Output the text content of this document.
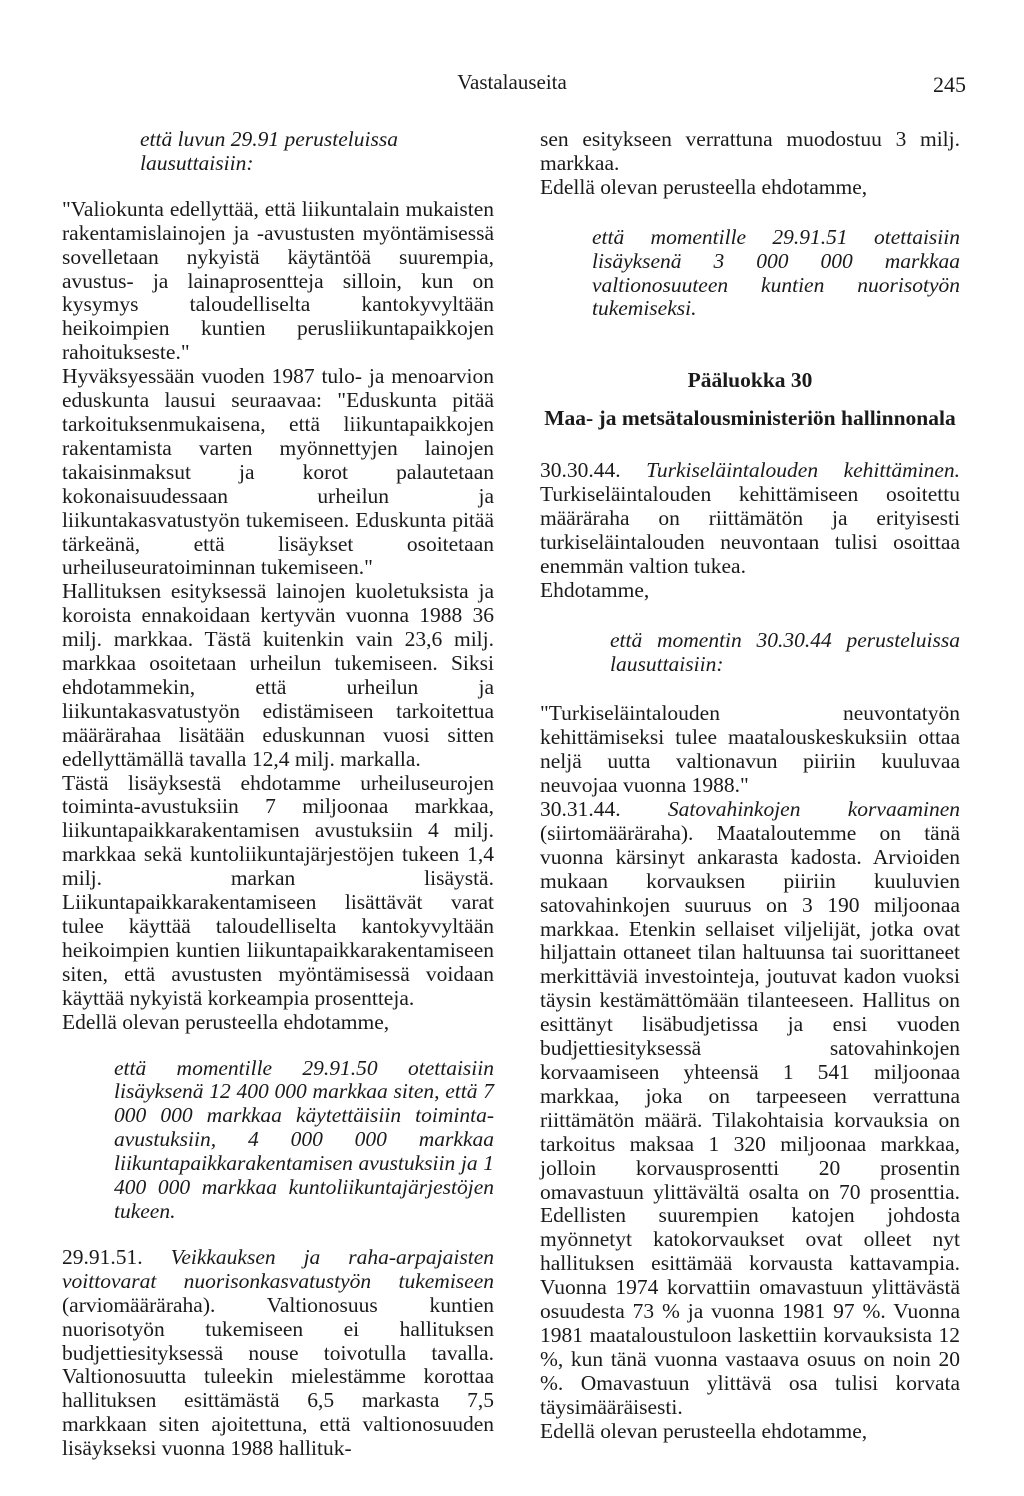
Vastalauseita	245

että luvun 29.91 perusteluissa lausuttaisiin:

"Valiokunta edellyttää, että liikuntalain mukaisten rakentamislainojen ja -avustusten myöntämisessä sovelletaan nykyistä käytäntöä suurempia, avustus- ja lainaprosentteja silloin, kun on kysymys taloudelliselta kantokyvyltään heikoimpien kuntien perusliikuntapaikkojen rahoitukseste."

Hyväksyessään vuoden 1987 tulo- ja menoarvion eduskunta lausui seuraavaa: "Eduskunta pitää tarkoituksenmukaisena, että liikuntapaikkojen rakentamista varten myönnettyjen lainojen takaisinmaksut ja korot palautetaan kokonaisuudessaan urheilun ja liikuntakasvatustyön tukemiseen. Eduskunta pitää tärkeänä, että lisäykset osoitetaan urheiluseuratoiminnan tukemiseen."

Hallituksen esityksessä lainojen kuoletuksista ja koroista ennakoidaan kertyvän vuonna 1988 36 milj. markkaa. Tästä kuitenkin vain 23,6 milj. markkaa osoitetaan urheilun tukemiseen. Siksi ehdotammekin, että urheilun ja liikuntakasvatustyön edistämiseen tarkoitettua määrärahaa lisätään eduskunnan vuosi sitten edellyttämällä tavalla 12,4 milj. markalla.

Tästä lisäyksestä ehdotamme urheiluseurojen toiminta-avustuksiin 7 miljoonaa markkaa, liikuntapaikkarakentamisen avustuksiin 4 milj. markkaa sekä kuntoliikuntajärjestöjen tukeen 1,4 milj. markan lisäystä. Liikuntapaikkarakentamiseen lisättävät varat tulee käyttää taloudelliselta kantokyvyltään heikoimpien kuntien liikuntapaikkarakentamiseen siten, että avustusten myöntämisessä voidaan käyttää nykyistä korkeampia prosentteja.

Edellä olevan perusteella ehdotamme,

että momentille 29.91.50 otettaisiin lisäyksenä 12 400 000 markkaa siten, että 7 000 000 markkaa käytettäisiin toiminta-avustuksiin, 4 000 000 markkaa liikuntapaikkarakentamisen avustuksiin ja 1 400 000 markkaa kuntoliikuntajärjestöjen tukeen.

29.91.51. Veikkauksen ja raha-arpajaisten voittovarat nuorisonkasvatustyön tukemiseen (arviomääräraha). Valtionosuus kuntien nuorisotyön tukemiseen ei hallituksen budjettiesityksessä nouse toivotulla tavalla. Valtionosuutta tuleekin mielestämme korottaa hallituksen esittämästä 6,5 markasta 7,5 markkaan siten ajoitettuna, että valtionosuuden lisäykseksi vuonna 1988 hallituk-

sen esitykseen verrattuna muodostuu 3 milj. markkaa.

Edellä olevan perusteella ehdotamme,

että momentille 29.91.51 otettaisiin lisäyksenä 3 000 000 markkaa valtionosuuteen kuntien nuorisotyön tukemiseksi.

Pääluokka 30

Maa- ja metsätalousministeriön hallinnonala

30.30.44. Turkiseläintalouden kehittäminen. Turkiseläintalouden kehittämiseen osoitettu määräraha on riittämätön ja erityisesti turkiseläintalouden neuvontaan tulisi osoittaa enemmän valtion tukea.

Ehdotamme,

että momentin 30.30.44 perusteluissa lausuttaisiin:

"Turkiseläintalouden neuvontatyön kehittämiseksi tulee maatalouskeskuksiin ottaa neljä uutta valtionavun piiriin kuuluvaa neuvojaa vuonna 1988."

30.31.44. Satovahinkojen korvaaminen (siirtomääräraha). Maataloutemme on tänä vuonna kärsinyt ankarasta kadosta. Arvioiden mukaan korvauksen piiriin kuuluvien satovahinkojen suuruus on 3 190 miljoonaa markkaa. Etenkin sellaiset viljelijät, jotka ovat hiljattain ottaneet tilan haltuunsa tai suorittaneet merkittäviä investointeja, joutuvat kadon vuoksi täysin kestämättömään tilanteeseen. Hallitus on esittänyt lisäbudjetissa ja ensi vuoden budjettiesityksessä satovahinkojen korvaamiseen yhteensä 1 541 miljoonaa markkaa, joka on tarpeeseen verrattuna riittämätön määrä. Tilakohtaisia korvauksia on tarkoitus maksaa 1 320 miljoonaa markkaa, jolloin korvausprosentti 20 prosentin omavastuun ylittävältä osalta on 70 prosenttia. Edellisten suurempien katojen johdosta myönnetyt katokorvaukset ovat olleet nyt hallituksen esittämää korvausta kattavampia. Vuonna 1974 korvattiin omavastuun ylittävästä osuudesta 73 % ja vuonna 1981 97 %. Vuonna 1981 maataloustuloon laskettiin korvauksista 12 %, kun tänä vuonna vastaava osuus on noin 20 %. Omavastuun ylittävä osa tulisi korvata täysimääräisesti.

Edellä olevan perusteella ehdotamme,
